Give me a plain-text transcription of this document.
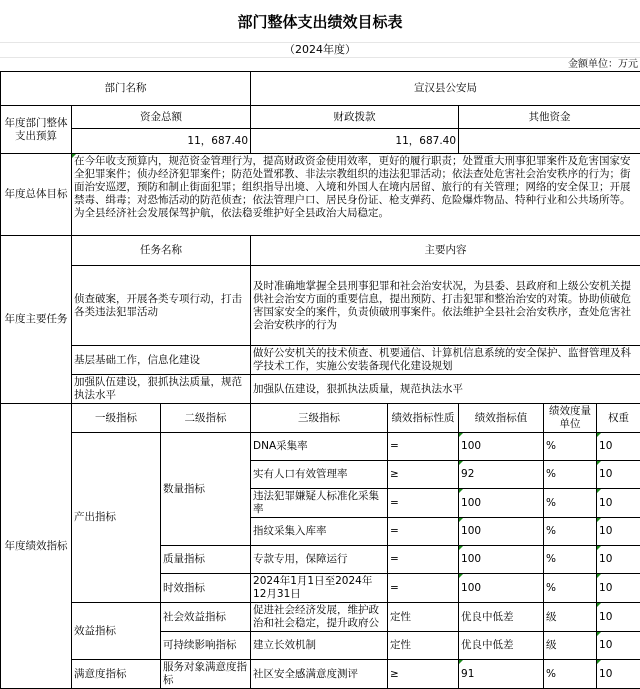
部门整体支出绩效目标表
（2024年度）
金额单位：万元
部门名称			宣汉县公安局				
年度部门整体支出预算	资金总额		财政拨款		其他资金		
	11，687.40		11，687.40				
年度总体目标	在今年收支预算内，规范资金管理行为，提高财政资金使用效率，更好的履行职责；处置重大刑事犯罪案件及危害国家安全犯罪案件；侦办经济犯罪案件；防范处置邪教、非法宗教组织的违法犯罪活动；依法查处危害社会治安秩序的行为；街面治安巡逻，预防和制止街面犯罪；组织指导出境、入境和外国人在境内居留、旅行的有关管理；网络的安全保卫；开展禁毒、缉毒；对恐怖活动的防范侦查；依法管理户口、居民身份证、枪支弹药、危险爆炸物品、特种行业和公共场所等。为全县经济社会发展保驾护航，依法稳妥维护好全县政治大局稳定。						
年度主要任务	任务名称		主要内容				
	侦查破案，开展各类专项行动，打击各类违法犯罪活动		及时准确地掌握全县刑事犯罪和社会治安状况，为县委、县政府和上级公安机关提供社会治安方面的重要信息，提出预防、打击犯罪和整治治安的对策。协助侦破危害国家安全的案件，负责侦破刑事案件。依法维护全县社会治安秩序，查处危害社会治安秩序的行为				
	基层基础工作，信息化建设		做好公安机关的技术侦查、机要通信、计算机信息系统的安全保护、监督管理及科学技术工作，实施公安装备现代化建设规划				
	加强队伍建设，狠抓执法质量，规范执法水平		加强队伍建设，狠抓执法质量，规范执法水平				
年度绩效指标	一级指标	二级指标	三级指标	绩效指标性质	绩效指标值	绩效度量单位	权重
	产出指标	数量指标	DNA采集率	=	100	%	10
			实有人口有效管理率	≥	92	%	10
			违法犯罪嫌疑人标准化采集率	=	100	%	10
			指纹采集入库率	=	100	%	10
		质量指标	专款专用，保障运行	=	100	%	10
		时效指标	2024年1月1日至2024年12月31日	=	100	%	10
	效益指标	社会效益指标	促进社会经济发展，维护政治和社会稳定，提升政府公	定性	优良中低差	级	10
		可持续影响指标	建立长效机制	定性	优良中低差	级	10
	满意度指标	服务对象满意度指标	社区安全感满意度测评	≥	91	%	10
